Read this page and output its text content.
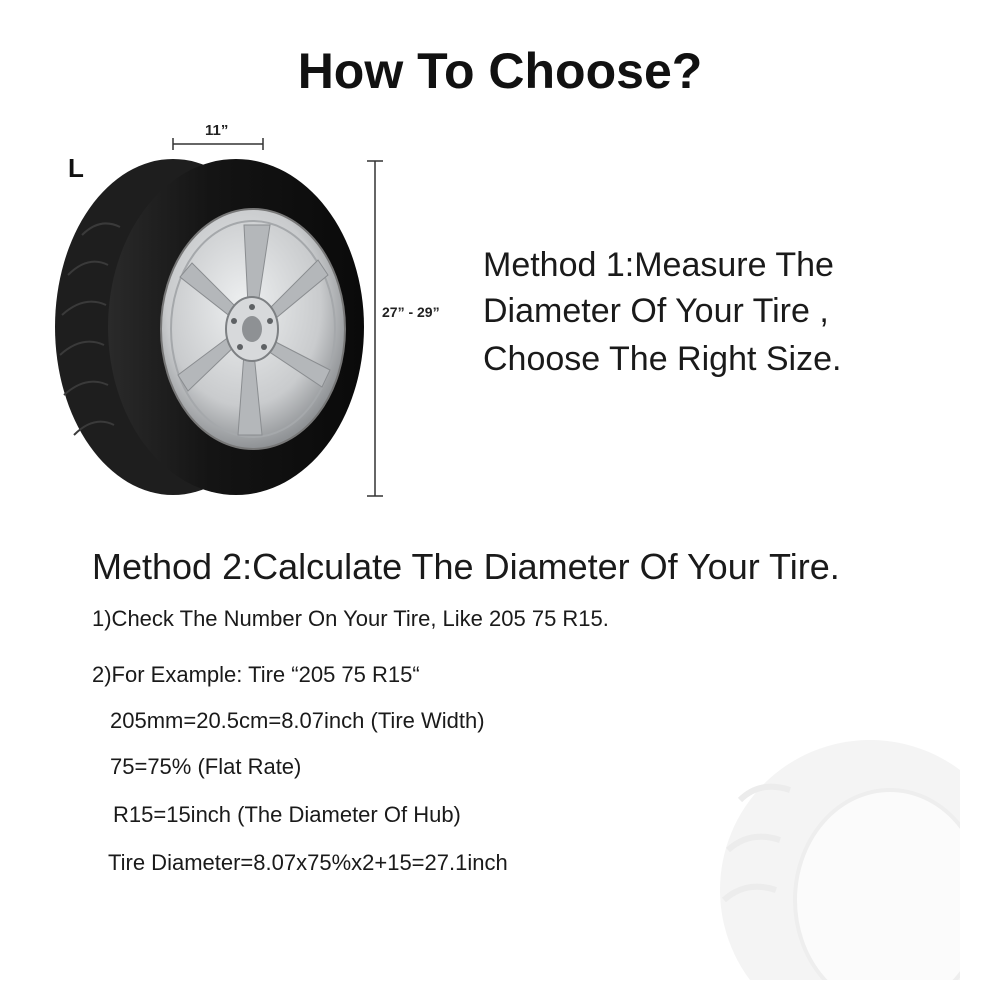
How To Choose?
L
11”
27” - 29”
Method 1:Measure The
Diameter Of Your Tire ,
Choose The Right Size.
Method 2:Calculate The Diameter Of Your Tire.
1)Check The Number On Your Tire, Like 205 75 R15.
2)For Example: Tire “205 75 R15“
205mm=20.5cm=8.07inch (Tire Width)
75=75% (Flat Rate)
R15=15inch (The Diameter Of Hub)
Tire Diameter=8.07x75%x2+15=27.1inch
